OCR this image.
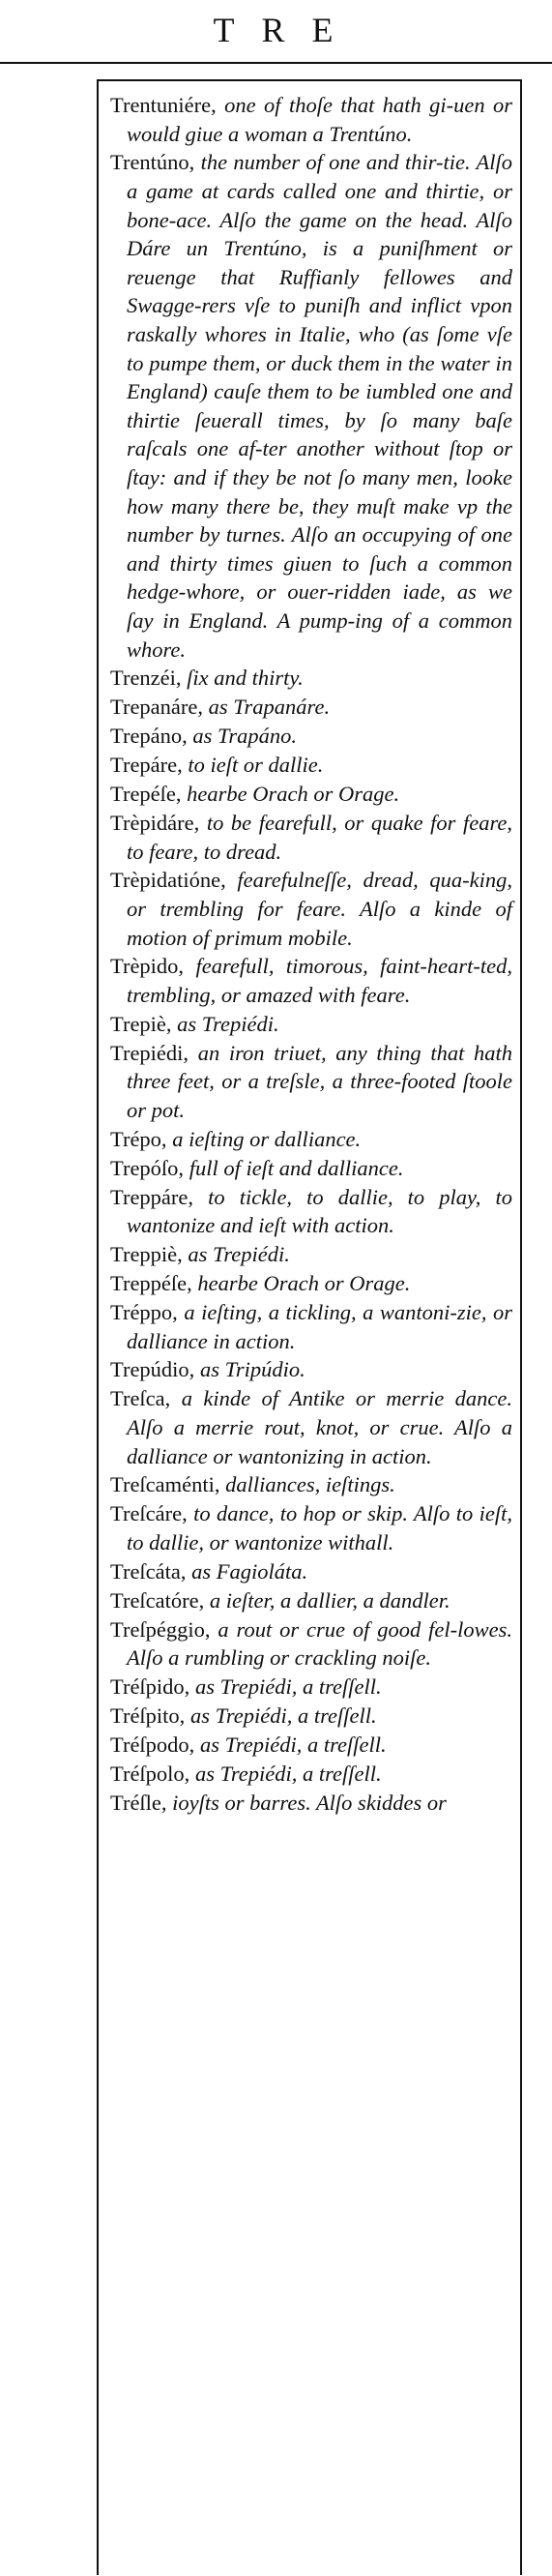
TRE
Trentuniére, one of thoſe that hath gi-uen or would giue a woman a Trentúno.
Trentúno, the number of one and thir-tie. Alſo a game at cards called one and thirtie, or bone-ace. Alſo the game on the head. Alſo Dáre un Trentúno, is a puniſhment or reuenge that Ruffianly fellowes and Swagge-rers vſe to puniſh and inflict vpon raskally whores in Italie, who (as ſome vſe to pumpe them, or duck them in the water in England) cauſe them to be iumbled one and thirtie ſeuerall times, by ſo many baſe raſcals one af-ter another without ſtop or ſtay: and if they be not ſo many men, looke how many there be, they muſt make vp the number by turnes. Alſo an occupying of one and thirty times giuen to ſuch a common hedge-whore, or ouer-ridden iade, as we ſay in England. A pump-ing of a common whore.
Trenzéi, ſix and thirty.
Trepanáre, as Trapanáre.
Trepáno, as Trapáno.
Trepáre, to ieſt or dallie.
Trepéſe, hearbe Orach or Orage.
Trèpidáre, to be fearefull, or quake for feare, to feare, to dread.
Trèpidatióne, fearefulneſſe, dread, qua-king, or trembling for feare. Alſo a kinde of motion of primum mobile.
Trèpido, fearefull, timorous, faint-heart-ted, trembling, or amazed with feare.
Trepiè, as Trepiédi.
Trepiédi, an iron triuet, any thing that hath three feet, or a treſsle, a three-footed ſtoole or pot.
Trépo, a ieſting or dalliance.
Trepóſo, full of ieſt and dalliance.
Treppáre, to tickle, to dallie, to play, to wantonize and ieſt with action.
Treppiè, as Trepiédi.
Treppéſe, hearbe Orach or Orage.
Tréppo, a ieſting, a tickling, a wantoni-zie, or dalliance in action.
Trepúdio, as Tripúdio.
Treſca, a kinde of Antike or merrie dance. Alſo a merrie rout, knot, or crue. Alſo a dalliance or wantonizing in action.
Treſcaménti, dalliances, ieſtings.
Treſcáre, to dance, to hop or skip. Alſo to ieſt, to dallie, or wantonize withall.
Treſcáta, as Fagioláta.
Treſcatóre, a ieſter, a dallier, a dandler.
Treſpéggio, a rout or crue of good fel-lowes. Alſo a rumbling or crackling noiſe.
Tréſpido, as Trepiédi, a treſſell.
Tréſpito, as Trepiédi, a treſſell.
Tréſpodo, as Trepiédi, a treſſell.
Tréſpolo, as Trepiédi, a treſſell.
Tréſle, ioyſts or barres. Alſo skiddes or
